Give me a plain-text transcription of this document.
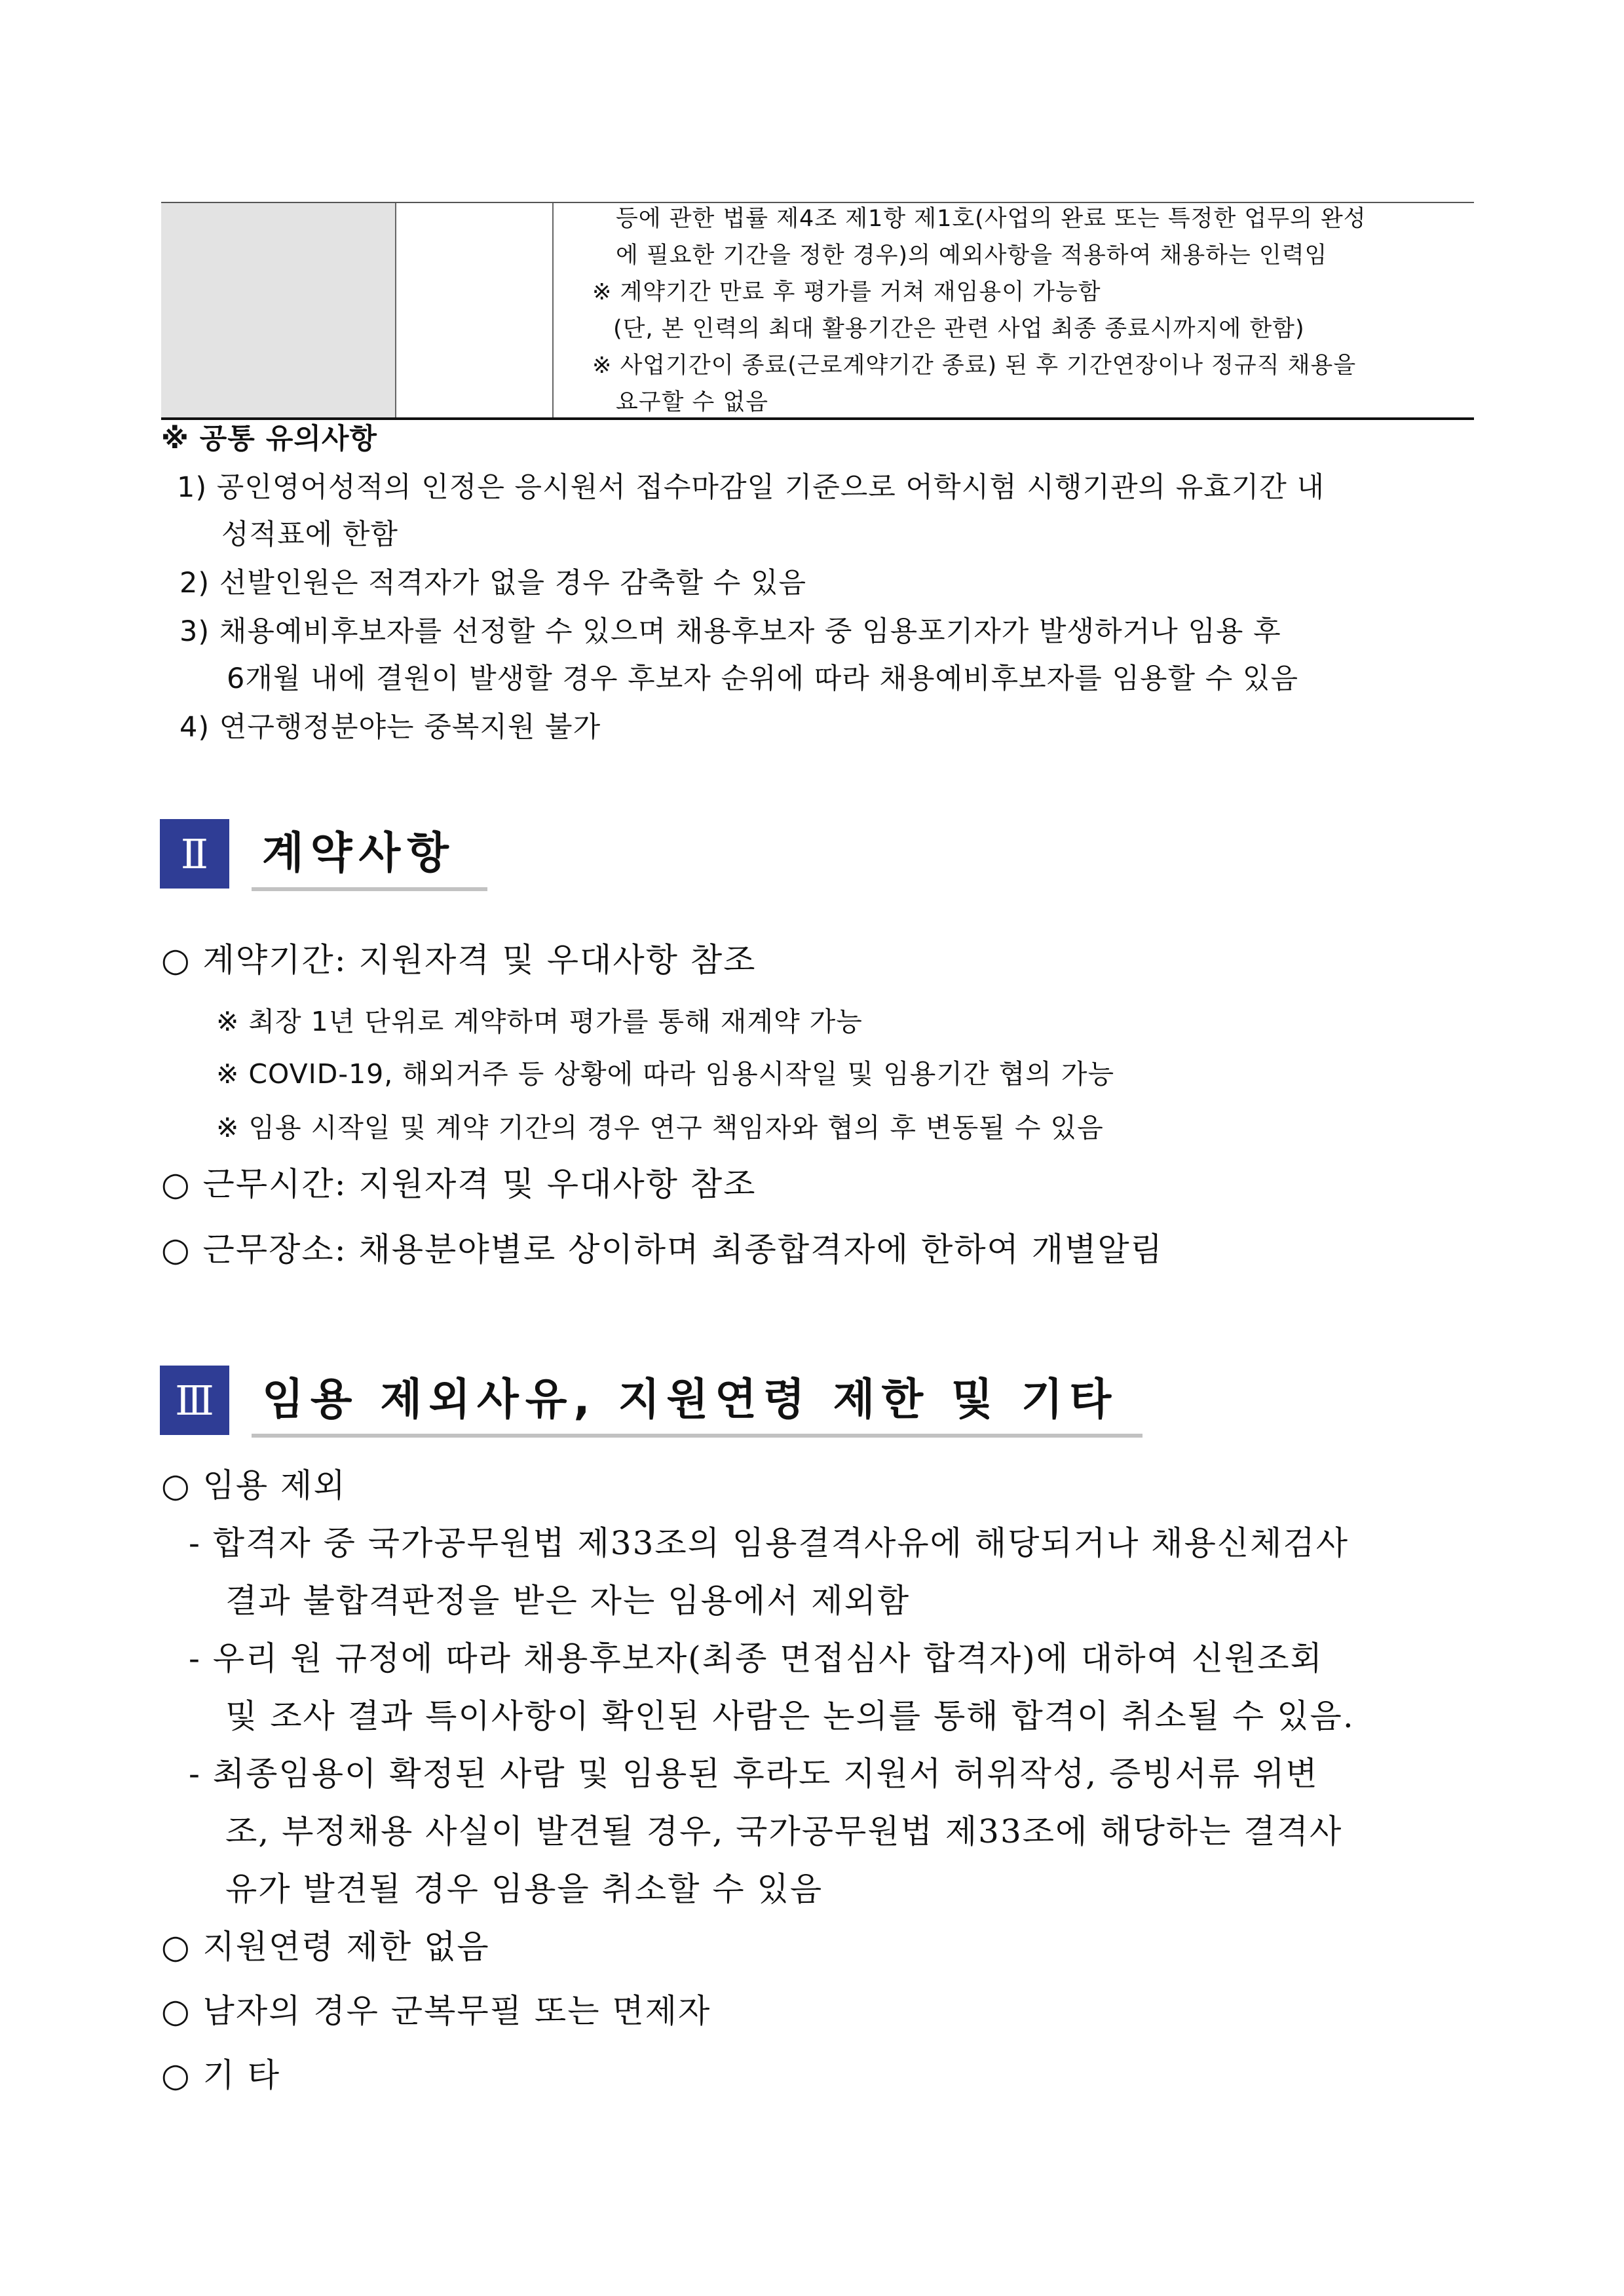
등에 관한 법률 제4조 제1항 제1호(사업의 완료 또는 특정한 업무의 완성
에 필요한 기간을 정한 경우)의 예외사항을 적용하여 채용하는 인력임
※ 계약기간 만료 후 평가를 거쳐 재임용이 가능함
(단, 본 인력의 최대 활용기간은 관련 사업 최종 종료시까지에 한함)
※ 사업기간이 종료(근로계약기간 종료) 된 후 기간연장이나 정규직 채용을
요구할 수 없음
※ 공통 유의사항
1) 공인영어성적의 인정은 응시원서 접수마감일 기준으로 어학시험 시행기관의 유효기간 내
성적표에 한함
2) 선발인원은 적격자가 없을 경우 감축할 수 있음
3) 채용예비후보자를 선정할 수 있으며 채용후보자 중 임용포기자가 발생하거나 임용 후
6개월 내에 결원이 발생할 경우 후보자 순위에 따라 채용예비후보자를 임용할 수 있음
4) 연구행정분야는 중복지원 불가
Ⅱ	계약사항
○ 계약기간: 지원자격 및 우대사항 참조
※ 최장 1년 단위로 계약하며 평가를 통해 재계약 가능
※ COVID-19, 해외거주 등 상황에 따라 임용시작일 및 임용기간 협의 가능
※ 임용 시작일 및 계약 기간의 경우 연구 책임자와 협의 후 변동될 수 있음
○ 근무시간: 지원자격 및 우대사항 참조
○ 근무장소: 채용분야별로 상이하며 최종합격자에 한하여 개별알림
Ⅲ	임용 제외사유, 지원연령 제한 및 기타
○ 임용 제외
- 합격자 중 국가공무원법 제33조의 임용결격사유에 해당되거나 채용신체검사
결과 불합격판정을 받은 자는 임용에서 제외함
- 우리 원 규정에 따라 채용후보자(최종 면접심사 합격자)에 대하여 신원조회
및 조사 결과 특이사항이 확인된 사람은 논의를 통해 합격이 취소될 수 있음.
- 최종임용이 확정된 사람 및 임용된 후라도 지원서 허위작성, 증빙서류 위변
조, 부정채용 사실이 발견될 경우, 국가공무원법 제33조에 해당하는 결격사
유가 발견될 경우 임용을 취소할 수 있음
○ 지원연령 제한 없음
○ 남자의 경우 군복무필 또는 면제자
○ 기 타
